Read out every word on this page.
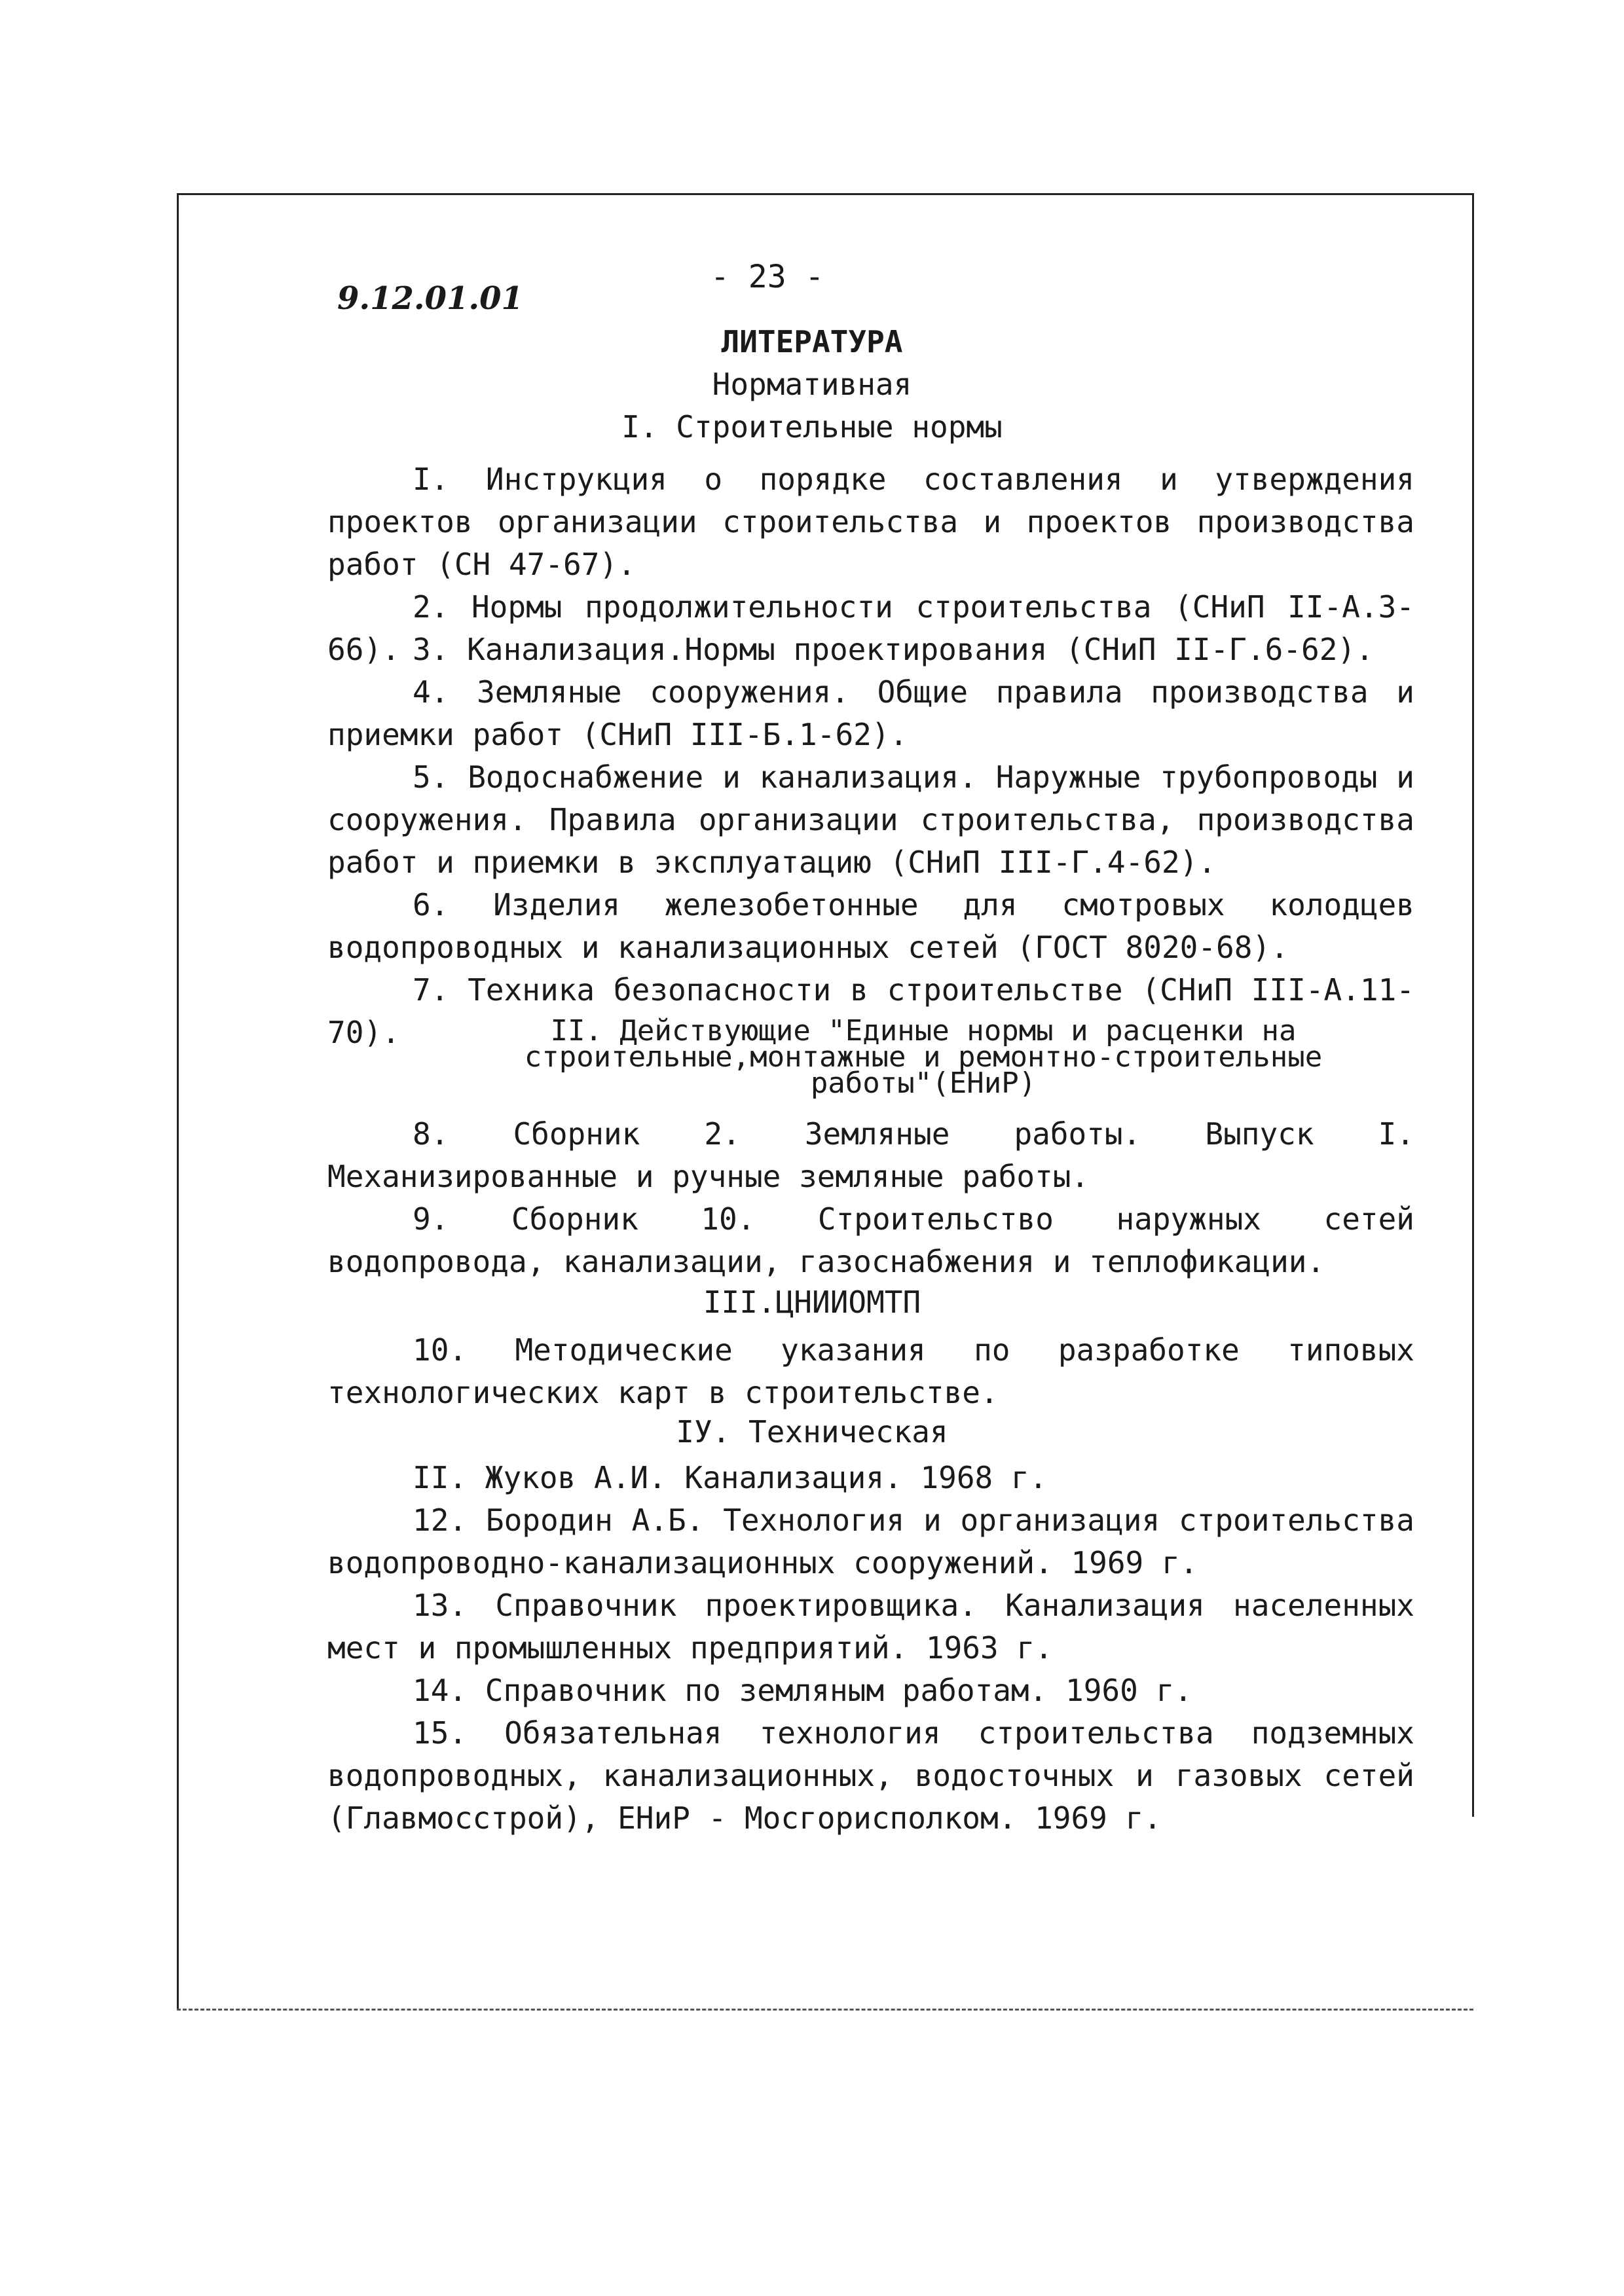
9.12.01.01
- 23 -
ЛИТЕРАТУРА
Нормативная
I. Строительные нормы
I. Инструкция о порядке составления и утверждения проектов организации строительства и проектов производства работ (СН 47-67).
2. Нормы продолжительности строительства (СНиП II-А.3-66). 3. Канализация.Нормы проектирования (СНиП II-Г.6-62).
4. Земляные сооружения. Общие правила производства и приемки работ (СНиП III-Б.1-62).
5. Водоснабжение и канализация. Наружные трубопроводы и сооружения. Правила организации строительства, производства работ и приемки в эксплуатацию (СНиП III-Г.4-62).
6. Изделия железобетонные для смотровых колодцев водопроводных и канализационных сетей (ГОСТ 8020-68).
7. Техника безопасности в строительстве (СНиП III-А.11-70).	II. Действующие "Единые нормы и расценки на строительные,монтажные и ремонтно-строительные работы"(ЕНиР)
8. Сборник 2. Земляные работы. Выпуск I. Механизированные и ручные земляные работы.
9. Сборник 10. Строительство наружных сетей водопровода, канализации, газоснабжения и теплофикации.
III.ЦНИИОМТП
10. Методические указания по разработке типовых технологических карт в строительстве.
IУ. Техническая
II. Жуков А.И. Канализация. 1968 г.
12. Бородин А.Б. Технология и организация строительства водопроводно-канализационных сооружений. 1969 г.
13. Справочник проектировщика. Канализация населенных мест и промышленных предприятий. 1963 г.
14. Справочник по земляным работам. 1960 г.
15. Обязательная технология строительства подземных водопроводных, канализационных, водосточных и газовых сетей (Главмосстрой), ЕНиР - Мосгорисполком. 1969 г.
